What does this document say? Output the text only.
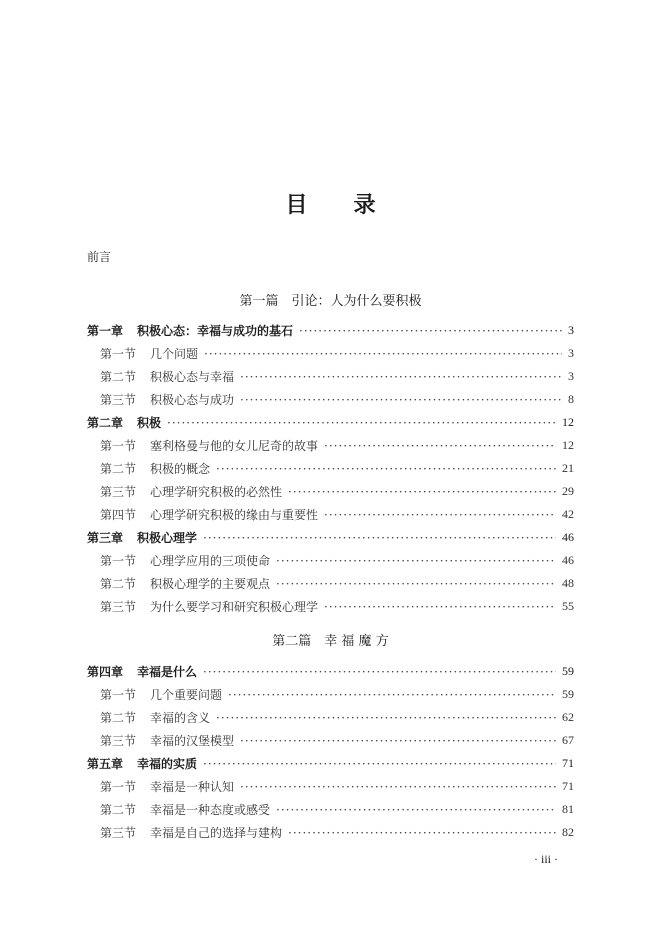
目 录
前言
第一篇　引论：人为什么要积极
第一章 积极心态：幸福与成功的基石 ·····	3
第一节 几个问题 ·····	3
第二节 积极心态与幸福 ·····	3
第三节 积极心态与成功 ·····	8
第二章 积极 ·····	12
第一节 塞利格曼与他的女儿尼奇的故事 ·····	12
第二节 积极的概念 ·····	21
第三节 心理学研究积极的必然性 ·····	29
第四节 心理学研究积极的缘由与重要性 ·····	42
第三章 积极心理学 ·····	46
第一节 心理学应用的三项使命 ·····	46
第二节 积极心理学的主要观点 ·····	48
第三节 为什么要学习和研究积极心理学 ·····	55
第二篇　幸 福 魔 方
第四章 幸福是什么 ·····	59
第一节 几个重要问题 ·····	59
第二节 幸福的含义 ·····	62
第三节 幸福的汉堡模型 ·····	67
第五章 幸福的实质 ·····	71
第一节 幸福是一种认知 ·····	71
第二节 幸福是一种态度或感受 ·····	81
第三节 幸福是自己的选择与建构 ·····	82
· iii ·
